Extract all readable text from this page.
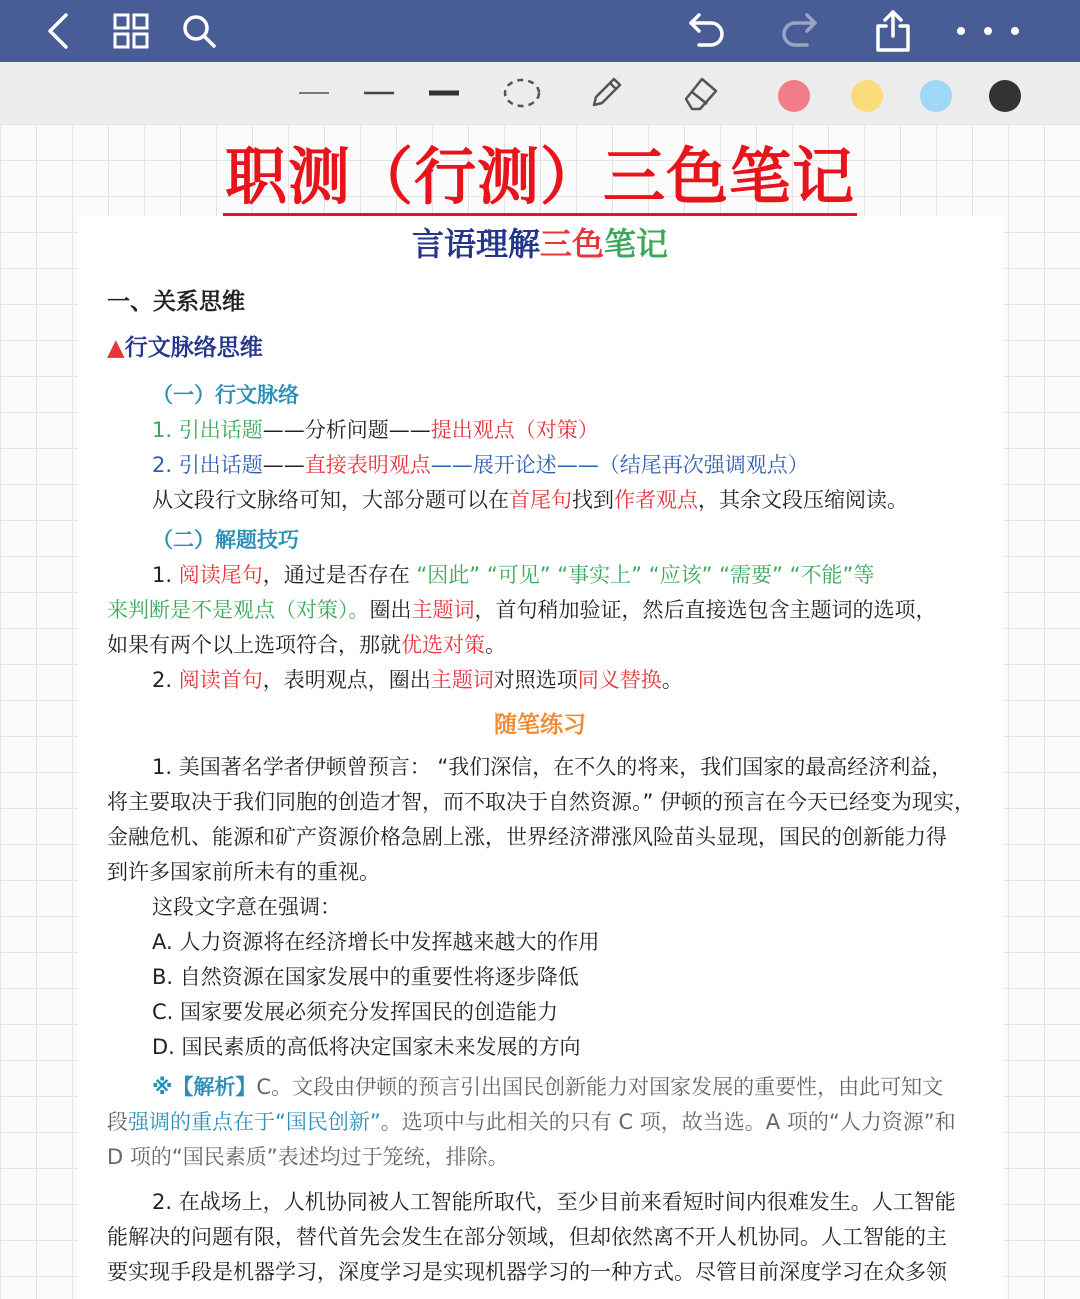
职测（行测）三色笔记
言语理解三色笔记
一、关系思维
▲行文脉络思维
（一）行文脉络
1. 引出话题——分析问题——提出观点（对策）
2. 引出话题——直接表明观点——展开论述——（结尾再次强调观点）
从文段行文脉络可知，大部分题可以在首尾句找到作者观点，其余文段压缩阅读。
（二）解题技巧
1. 阅读尾句，通过是否存在 “因此” “可见” “事实上” “应该” “需要” “不能”等
来判断是不是观点（对策）。圈出主题词，首句稍加验证，然后直接选包含主题词的选项，
如果有两个以上选项符合，那就优选对策。
2. 阅读首句，表明观点，圈出主题词对照选项同义替换。
随笔练习
1. 美国著名学者伊顿曾预言： “我们深信，在不久的将来，我们国家的最高经济利益，
将主要取决于我们同胞的创造才智，而不取决于自然资源。” 伊顿的预言在今天已经变为现实，
金融危机、能源和矿产资源价格急剧上涨，世界经济滞涨风险苗头显现，国民的创新能力得
到许多国家前所未有的重视。
这段文字意在强调：
A. 人力资源将在经济增长中发挥越来越大的作用
B. 自然资源在国家发展中的重要性将逐步降低
C. 国家要发展必须充分发挥国民的创造能力
D. 国民素质的高低将决定国家未来发展的方向
※【解析】C。文段由伊顿的预言引出国民创新能力对国家发展的重要性，由此可知文
段强调的重点在于“国民创新”。选项中与此相关的只有 C 项，故当选。A 项的“人力资源”和
D 项的“国民素质”表述均过于笼统，排除。
2. 在战场上，人机协同被人工智能所取代，至少目前来看短时间内很难发生。人工智能
能解决的问题有限，替代首先会发生在部分领域，但却依然离不开人机协同。人工智能的主
要实现手段是机器学习，深度学习是实现机器学习的一种方式。尽管目前深度学习在众多领
